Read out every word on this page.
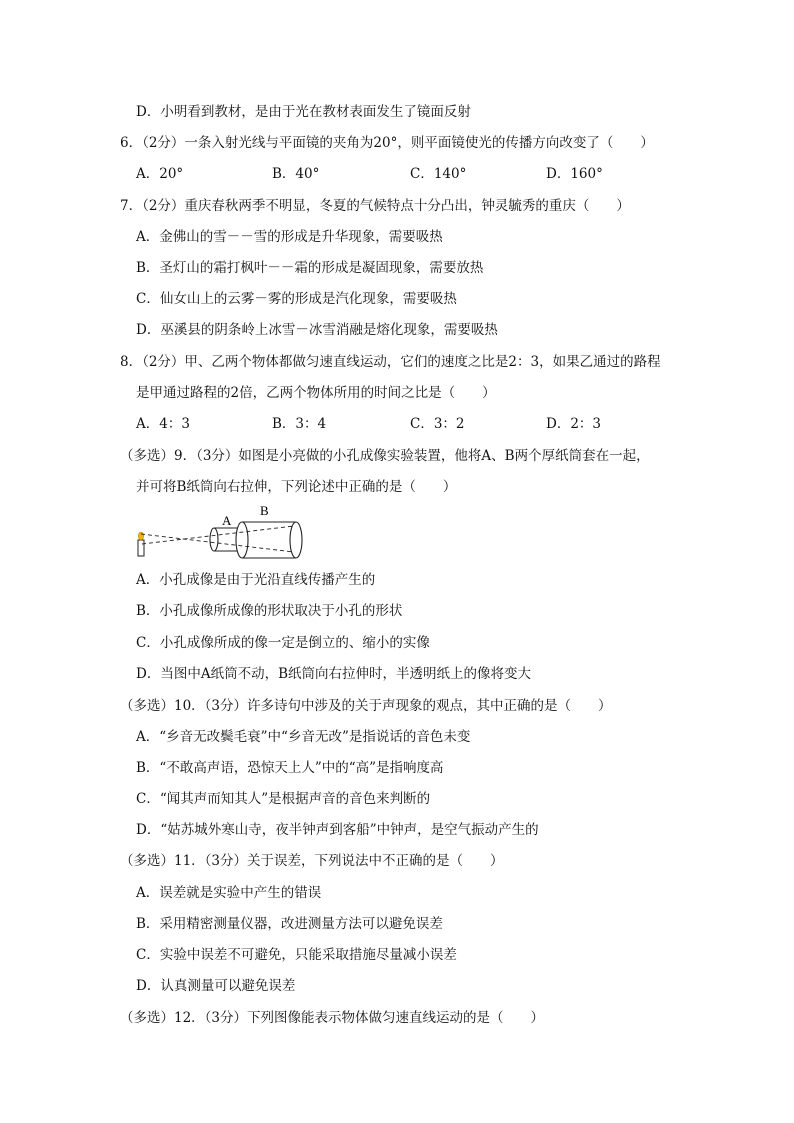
D．小明看到教材，是由于光在教材表面发生了镜面反射
6．（2分）一条入射光线与平面镜的夹角为20°，则平面镜使光的传播方向改变了（　　）
A．20°	B．40°	C．140°	D．160°
7．（2分）重庆春秋两季不明显，冬夏的气候特点十分凸出，钟灵毓秀的重庆（　　）
A．金佛山的雪－－雪的形成是升华现象，需要吸热
B．圣灯山的霜打枫叶－－霜的形成是凝固现象，需要放热
C．仙女山上的云雾－雾的形成是汽化现象，需要吸热
D．巫溪县的阴条岭上冰雪－冰雪消融是熔化现象，需要吸热
8．（2分）甲、乙两个物体都做匀速直线运动，它们的速度之比是2：3，如果乙通过的路程
是甲通过路程的2倍，乙两个物体所用的时间之比是（　　）
A．4：3	B．3：4	C．3：2	D．2：3
（多选）9．（3分）如图是小亮做的小孔成像实验装置，他将A、B两个厚纸筒套在一起，
并可将B纸筒向右拉伸，下列论述中正确的是（　　）
A
B
A．小孔成像是由于光沿直线传播产生的
B．小孔成像所成像的形状取决于小孔的形状
C．小孔成像所成的像一定是倒立的、缩小的实像
D．当图中A纸筒不动，B纸筒向右拉伸时，半透明纸上的像将变大
（多选）10．（3分）许多诗句中涉及的关于声现象的观点，其中正确的是（　　）
A．“乡音无改鬓毛衰”中“乡音无改”是指说话的音色未变
B．“不敢高声语，恐惊天上人”中的“高”是指响度高
C．“闻其声而知其人”是根据声音的音色来判断的
D．“姑苏城外寒山寺，夜半钟声到客船”中钟声，是空气振动产生的
（多选）11．（3分）关于误差，下列说法中不正确的是（　　）
A．误差就是实验中产生的错误
B．采用精密测量仪器，改进测量方法可以避免误差
C．实验中误差不可避免，只能采取措施尽量减小误差
D．认真测量可以避免误差
（多选）12．（3分）下列图像能表示物体做匀速直线运动的是（　　）
